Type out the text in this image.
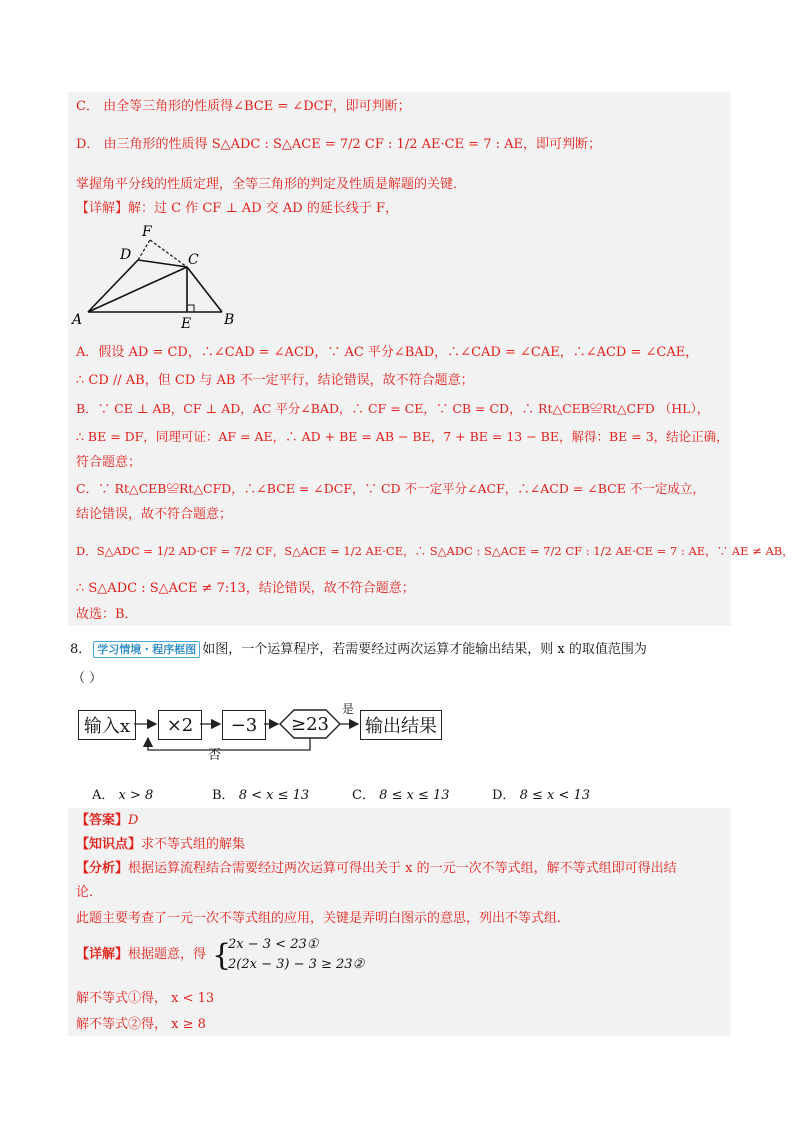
C． 由全等三角形的性质得∠BCE = ∠DCF，即可判断；
D． 由三角形的性质得 S△ADC : S△ACE = 7/2 CF : 1/2 AE·CE = 7 : AE，即可判断；
掌握角平分线的性质定理，全等三角形的判定及性质是解题的关键．
【详解】解：过 C 作 CF ⊥ AD 交 AD 的延长线于 F，
A	B
C
D
E
F
A．假设 AD = CD，∴∠CAD = ∠ACD，∵ AC 平分∠BAD，∴∠CAD = ∠CAE，∴∠ACD = ∠CAE，
∴ CD // AB，但 CD 与 AB 不一定平行，结论错误，故不符合题意；
B．∵ CE ⊥ AB，CF ⊥ AD，AC 平分∠BAD，∴ CF = CE，∵ CB = CD，∴ Rt△CEB≌Rt△CFD （HL），
∴ BE = DF，同理可证：AF = AE，∴ AD + BE = AB − BE，7 + BE = 13 − BE，解得：BE = 3，结论正确，
符合题意；
C．∵ Rt△CEB≌Rt△CFD，∴∠BCE = ∠DCF，∵ CD 不一定平分∠ACF，∴∠ACD = ∠BCE 不一定成立，
结论错误，故不符合题意；
D．S△ADC = 1/2 AD·CF = 7/2 CF，S△ACE = 1/2 AE·CE，∴ S△ADC : S△ACE = 7/2 CF : 1/2 AE·CE = 7 : AE，∵ AE ≠ AB，
∴ S△ADC : S△ACE ≠ 7:13，结论错误，故不符合题意；
故选：B．
8． 学习情境・程序框图 如图，一个运算程序，若需要经过两次运算才能输出结果，则 x 的取值范围为
（ ）
输入x	×2	−3	≥23
是
否
输出结果
A． x > 8	B． 8 < x ≤ 13	C． 8 ≤ x ≤ 13	D． 8 ≤ x < 13
【答案】D
【知识点】求不等式组的解集
【分析】根据运算流程结合需要经过两次运算可得出关于 x 的一元一次不等式组，解不等式组即可得出结
论．
此题主要考查了一元一次不等式组的应用，关键是弄明白图示的意思，列出不等式组．
【详解】根据题意，得 {
2x − 3 < 23①
2(2x − 3) − 3 ≥ 23②
解不等式①得， x < 13
解不等式②得， x ≥ 8
